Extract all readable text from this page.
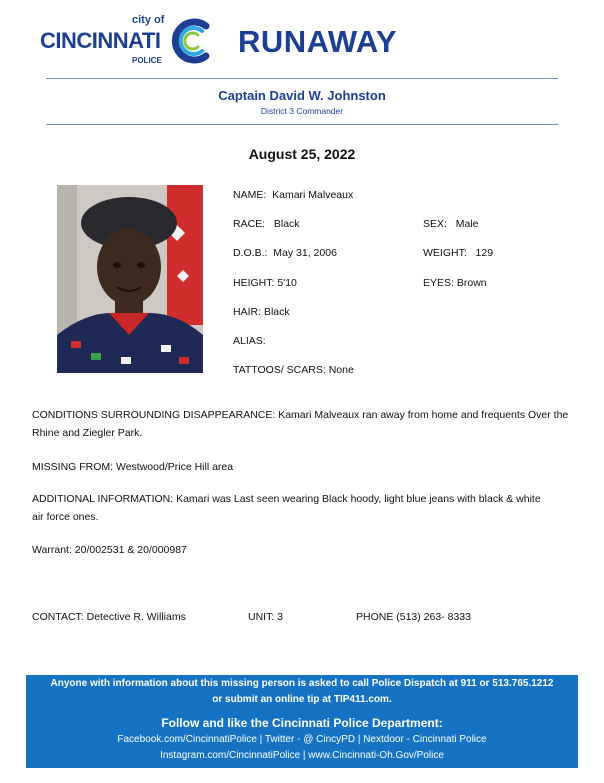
city of
CINCINNATI
POLICE
RUNAWAY
Captain David W. Johnston
District 3 Commander
August 25, 2022
NAME: Kamari Malveaux
RACE: Black	SEX: Male
D.O.B.: May 31, 2006	WEIGHT: 129
HEIGHT: 5'10	EYES: Brown
HAIR: Black
ALIAS:
TATTOOS/ SCARS: None
CONDITIONS SURROUNDING DISAPPEARANCE: Kamari Malveaux ran away from home and frequents Over the
Rhine and Ziegler Park.
MISSING FROM: Westwood/Price Hill area
ADDITIONAL INFORMATION: Kamari was Last seen wearing Black hoody, light blue jeans with black & white
air force ones.
Warrant: 20/002531 & 20/000987
CONTACT: Detective R. Williams	UNIT: 3	PHONE (513) 263- 8333
Anyone with information about this missing person is asked to call Police Dispatch at 911 or 513.765.1212
or submit an online tip at TIP411.com.
Follow and like the Cincinnati Police Department:
Facebook.com/CincinnatiPolice | Twitter - @ CincyPD | Nextdoor - Cincinnati Police
Instagram.com/CincinnatiPolice | www.Cincinnati-Oh.Gov/Police
